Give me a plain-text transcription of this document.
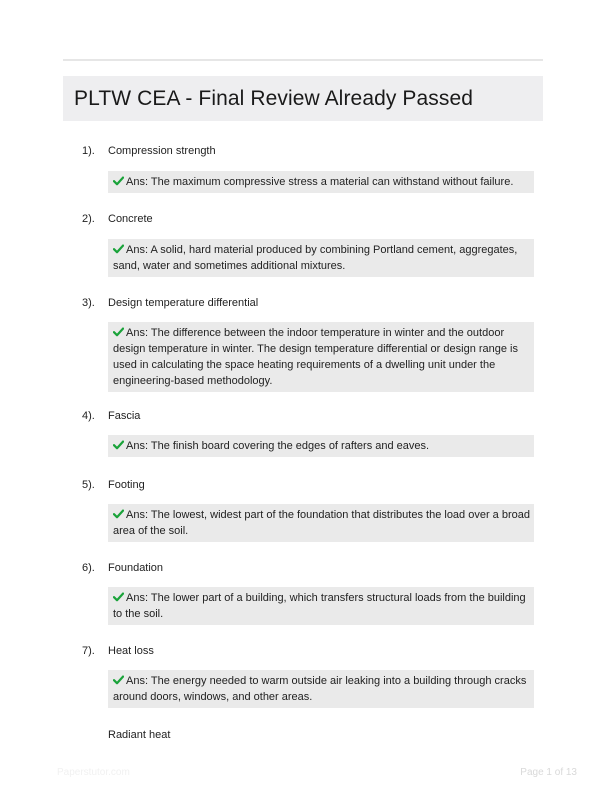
PLTW CEA - Final Review Already Passed
1). Compression strength
Ans: The maximum compressive stress a material can withstand without failure.
2). Concrete
Ans: A solid, hard material produced by combining Portland cement, aggregates, sand, water and sometimes additional mixtures.
3). Design temperature differential
Ans: The difference between the indoor temperature in winter and the outdoor design temperature in winter. The design temperature differential or design range is used in calculating the space heating requirements of a dwelling unit under the engineering-based methodology.
4). Fascia
Ans: The finish board covering the edges of rafters and eaves.
5). Footing
Ans: The lowest, widest part of the foundation that distributes the load over a broad area of the soil.
6). Foundation
Ans: The lower part of a building, which transfers structural loads from the building to the soil.
7). Heat loss
Ans: The energy needed to warm outside air leaking into a building through cracks around doors, windows, and other areas.
Radiant heat
Paperstutor.com	Page 1 of 13
